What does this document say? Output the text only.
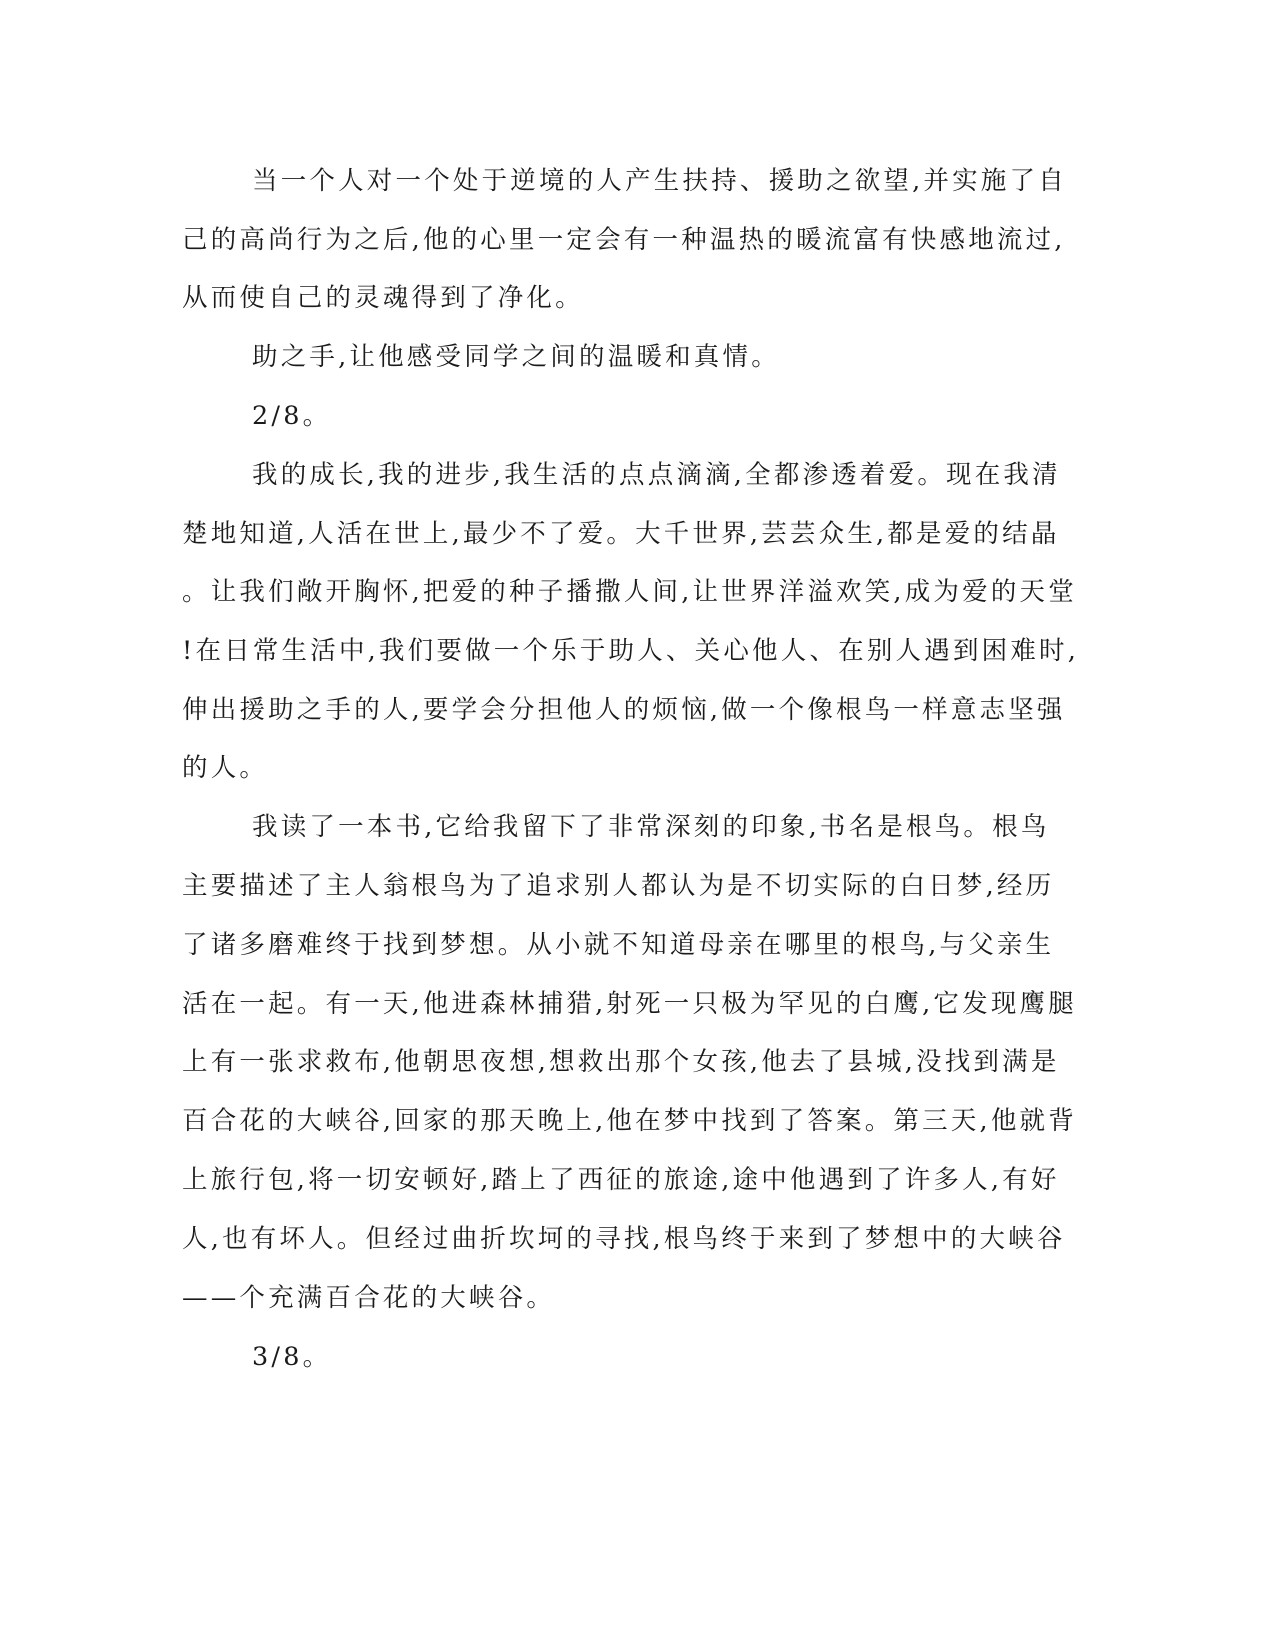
当一个人对一个处于逆境的人产生扶持、援助之欲望,并实施了自
己的高尚行为之后,他的心里一定会有一种温热的暖流富有快感地流过,
从而使自己的灵魂得到了净化。
助之手,让他感受同学之间的温暖和真情。
2/8。
我的成长,我的进步,我生活的点点滴滴,全都渗透着爱。现在我清
楚地知道,人活在世上,最少不了爱。大千世界,芸芸众生,都是爱的结晶
。让我们敞开胸怀,把爱的种子播撒人间,让世界洋溢欢笑,成为爱的天堂
!在日常生活中,我们要做一个乐于助人、关心他人、在别人遇到困难时,
伸出援助之手的人,要学会分担他人的烦恼,做一个像根鸟一样意志坚强
的人。
我读了一本书,它给我留下了非常深刻的印象,书名是根鸟。根鸟
主要描述了主人翁根鸟为了追求别人都认为是不切实际的白日梦,经历
了诸多磨难终于找到梦想。从小就不知道母亲在哪里的根鸟,与父亲生
活在一起。有一天,他进森林捕猎,射死一只极为罕见的白鹰,它发现鹰腿
上有一张求救布,他朝思夜想,想救出那个女孩,他去了县城,没找到满是
百合花的大峡谷,回家的那天晚上,他在梦中找到了答案。第三天,他就背
上旅行包,将一切安顿好,踏上了西征的旅途,途中他遇到了许多人,有好
人,也有坏人。但经过曲折坎坷的寻找,根鸟终于来到了梦想中的大峡谷
——个充满百合花的大峡谷。
3/8。
